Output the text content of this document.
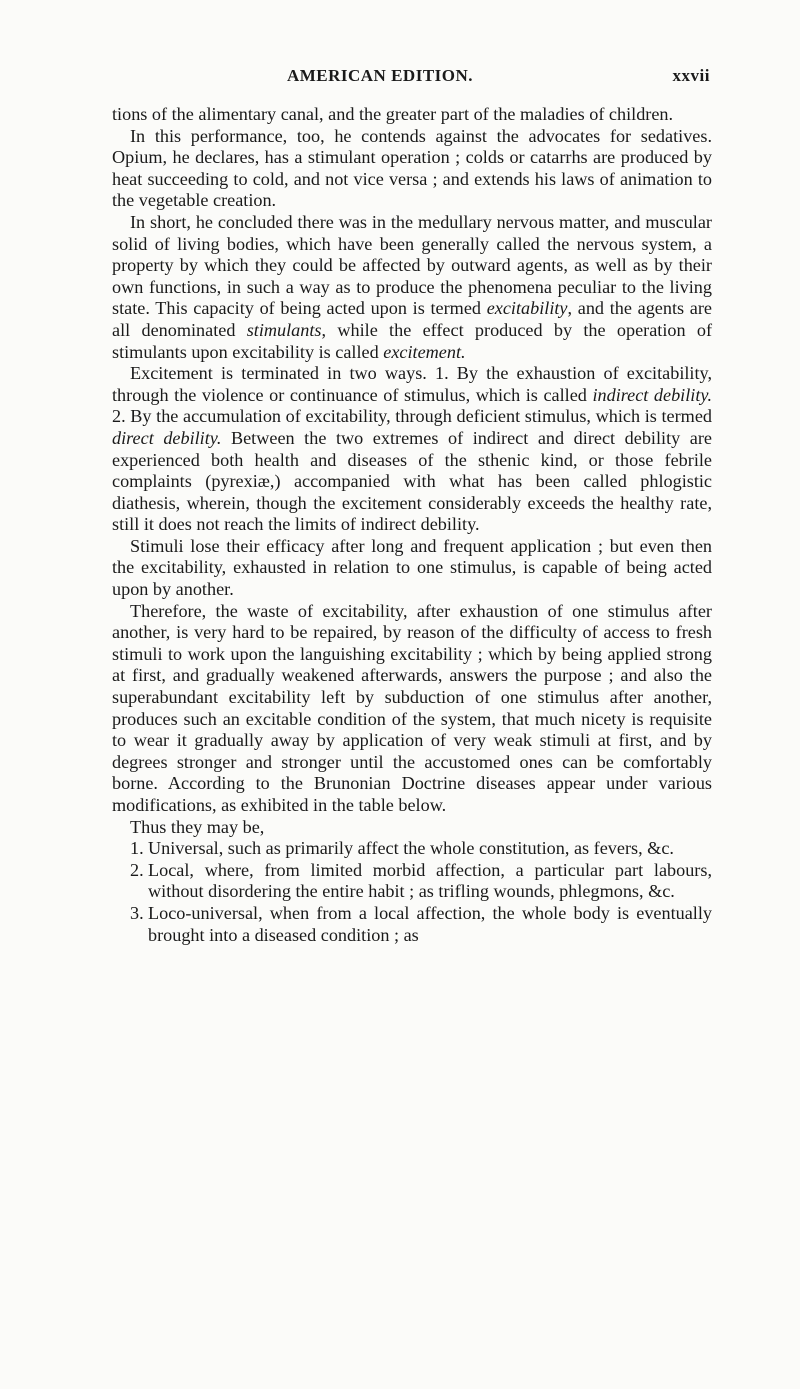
AMERICAN EDITION.	xxvii

tions of the alimentary canal, and the greater part of the maladies of children.

In this performance, too, he contends against the advocates for sedatives. Opium, he declares, has a stimulant operation ; colds or catarrhs are produced by heat succeeding to cold, and not vice versa ; and extends his laws of animation to the vegetable creation.

In short, he concluded there was in the medullary nervous matter, and muscular solid of living bodies, which have been generally called the nervous system, a property by which they could be affected by outward agents, as well as by their own functions, in such a way as to produce the phenomena peculiar to the living state. This capacity of being acted upon is termed excitability, and the agents are all denominated stimulants, while the effect produced by the operation of stimulants upon excitability is called excitement.

Excitement is terminated in two ways. 1. By the exhaustion of excitability, through the violence or continuance of stimulus, which is called indirect debility. 2. By the accumulation of excitability, through deficient stimulus, which is termed direct debility. Between the two extremes of indirect and direct debility are experienced both health and diseases of the sthenic kind, or those febrile complaints (pyrexiæ,) accompanied with what has been called phlogistic diathesis, wherein, though the excitement considerably exceeds the healthy rate, still it does not reach the limits of indirect debility.

Stimuli lose their efficacy after long and frequent application ; but even then the excitability, exhausted in relation to one stimulus, is capable of being acted upon by another.

Therefore, the waste of excitability, after exhaustion of one stimulus after another, is very hard to be repaired, by reason of the difficulty of access to fresh stimuli to work upon the languishing excitability ; which by being applied strong at first, and gradually weakened afterwards, answers the purpose ; and also the superabundant excitability left by subduction of one stimulus after another, produces such an excitable condition of the system, that much nicety is requisite to wear it gradually away by application of very weak stimuli at first, and by degrees stronger and stronger until the accustomed ones can be comfortably borne. According to the Brunonian Doctrine diseases appear under various modifications, as exhibited in the table below.

Thus they may be,

1. Universal, such as primarily affect the whole constitution, as fevers, &c.
2. Local, where, from limited morbid affection, a particular part labours, without disordering the entire habit ; as trifling wounds, phlegmons, &c.
3. Loco-universal, when from a local affection, the whole body is eventually brought into a diseased condition ; as
